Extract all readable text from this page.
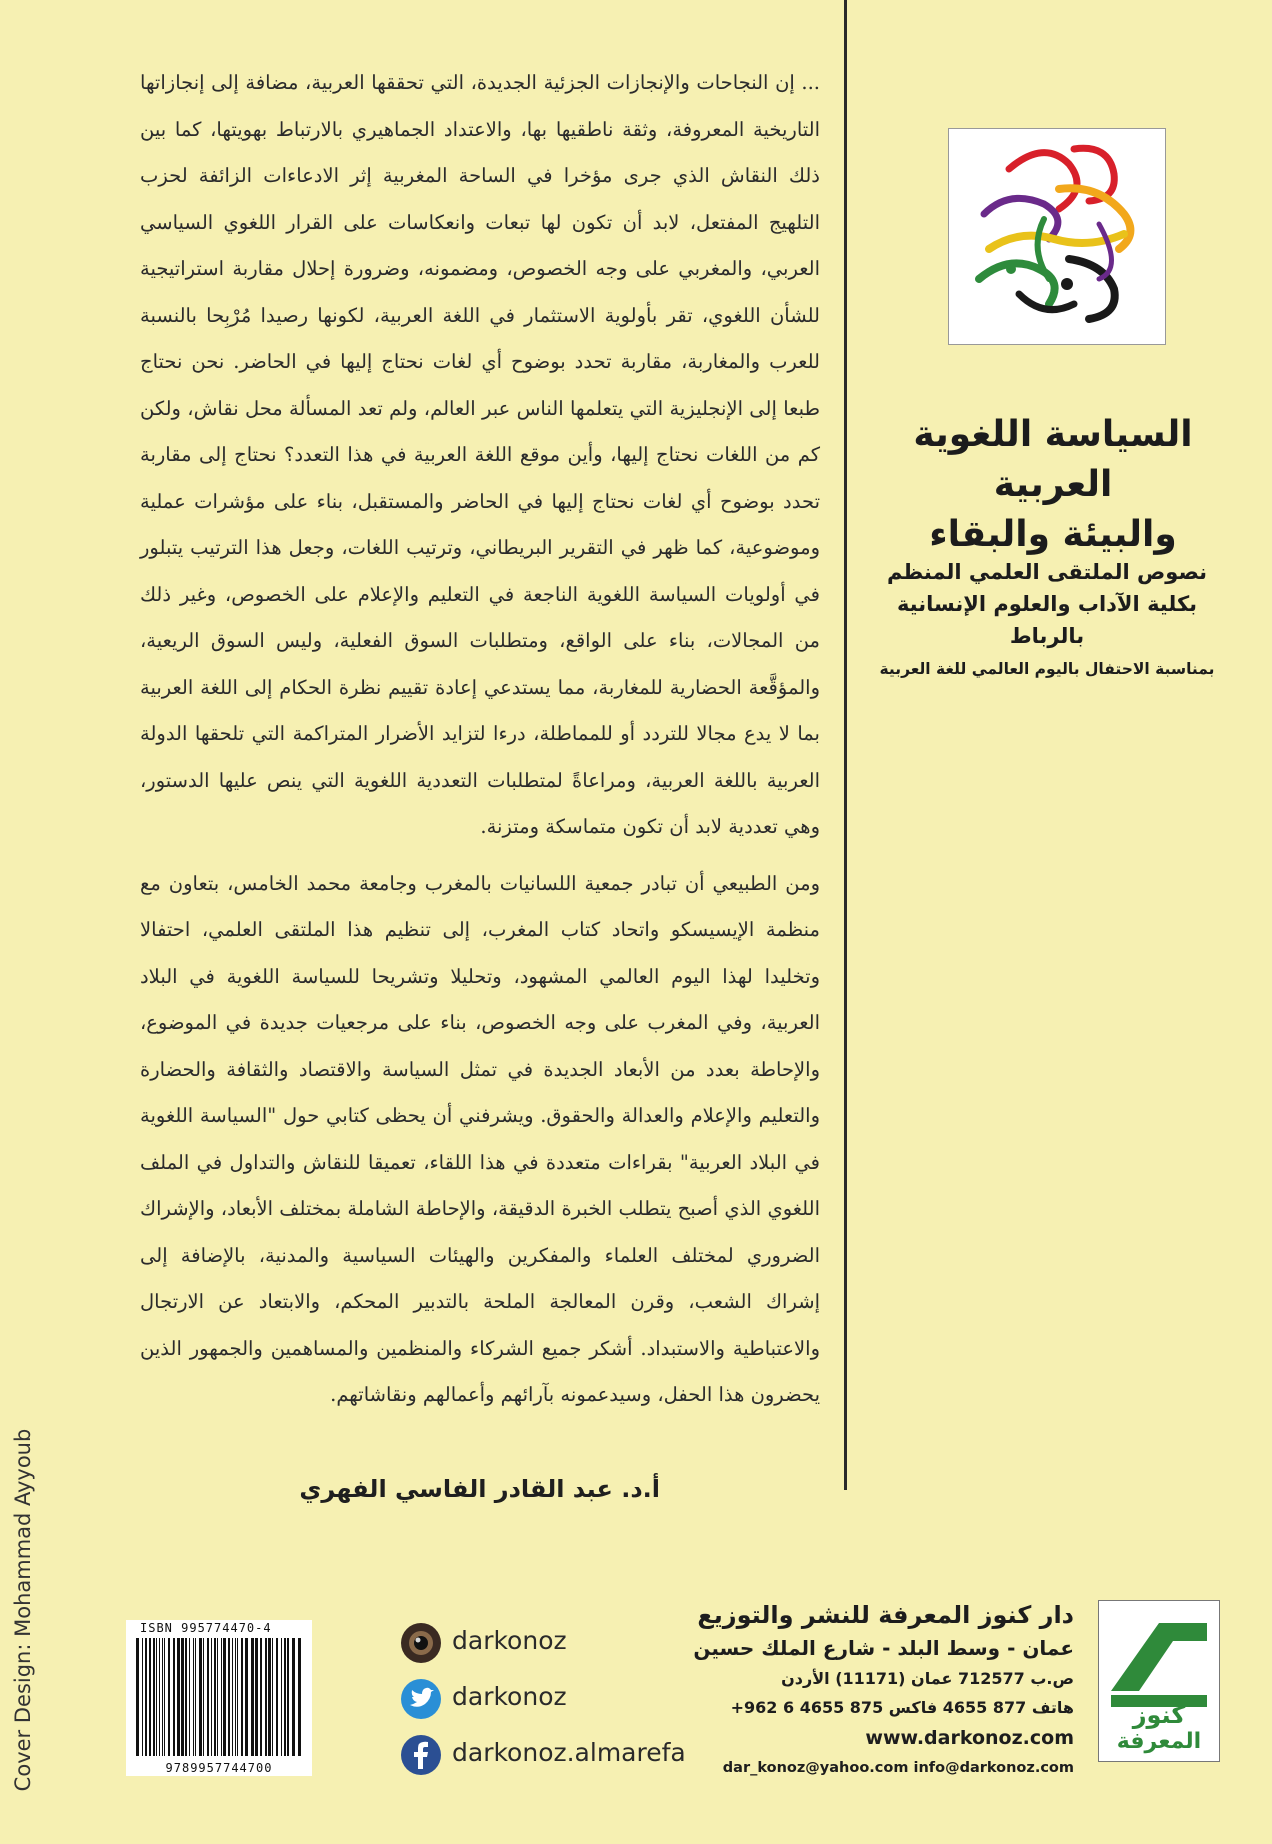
... إن النجاحات والإنجازات الجزئية الجديدة، التي تحققها العربية، مضافة إلى إنجازاتها التاريخية المعروفة، وثقة ناطقيها بها، والاعتداد الجماهيري بالارتباط بهويتها، كما بين ذلك النقاش الذي جرى مؤخرا في الساحة المغربية إثر الادعاءات الزائفة لحزب التلهيج المفتعل، لابد أن تكون لها تبعات وانعكاسات على القرار اللغوي السياسي العربي، والمغربي على وجه الخصوص، ومضمونه، وضرورة إحلال مقاربة استراتيجية للشأن اللغوي، تقر بأولوية الاستثمار في اللغة العربية، لكونها رصيدا مُرْبِحا بالنسبة للعرب والمغاربة، مقاربة تحدد بوضوح أي لغات نحتاج إليها في الحاضر. نحن نحتاج طبعا إلى الإنجليزية التي يتعلمها الناس عبر العالم، ولم تعد المسألة محل نقاش، ولكن كم من اللغات نحتاج إليها، وأين موقع اللغة العربية في هذا التعدد؟ نحتاج إلى مقاربة تحدد بوضوح أي لغات نحتاج إليها في الحاضر والمستقبل، بناء على مؤشرات عملية وموضوعية، كما ظهر في التقرير البريطاني، وترتيب اللغات، وجعل هذا الترتيب يتبلور في أولويات السياسة اللغوية الناجعة في التعليم والإعلام على الخصوص، وغير ذلك من المجالات، بناء على الواقع، ومتطلبات السوق الفعلية، وليس السوق الريعية، والمؤقَّعة الحضارية للمغاربة، مما يستدعي إعادة تقييم نظرة الحكام إلى اللغة العربية بما لا يدع مجالا للتردد أو للمماطلة، درءا لتزايد الأضرار المتراكمة التي تلحقها الدولة العربية باللغة العربية، ومراعاةً لمتطلبات التعددية اللغوية التي ينص عليها الدستور، وهي تعددية لابد أن تكون متماسكة ومتزنة.

ومن الطبيعي أن تبادر جمعية اللسانيات بالمغرب وجامعة محمد الخامس، بتعاون مع منظمة الإيسيسكو واتحاد كتاب المغرب، إلى تنظيم هذا الملتقى العلمي، احتفالا وتخليدا لهذا اليوم العالمي المشهود، وتحليلا وتشريحا للسياسة اللغوية في البلاد العربية، وفي المغرب على وجه الخصوص، بناء على مرجعيات جديدة في الموضوع، والإحاطة بعدد من الأبعاد الجديدة في تمثل السياسة والاقتصاد والثقافة والحضارة والتعليم والإعلام والعدالة والحقوق. ويشرفني أن يحظى كتابي حول "السياسة اللغوية في البلاد العربية" بقراءات متعددة في هذا اللقاء، تعميقا للنقاش والتداول في الملف اللغوي الذي أصبح يتطلب الخبرة الدقيقة، والإحاطة الشاملة بمختلف الأبعاد، والإشراك الضروري لمختلف العلماء والمفكرين والهيئات السياسية والمدنية، بالإضافة إلى إشراك الشعب، وقرن المعالجة الملحة بالتدبير المحكم، والابتعاد عن الارتجال والاعتباطية والاستبداد. أشكر جميع الشركاء والمنظمين والمساهمين والجمهور الذين يحضرون هذا الحفل، وسيدعمونه بآرائهم وأعمالهم ونقاشاتهم.

أ.د. عبد القادر الفاسي الفهري
السياسة اللغوية العربية
والبيئة والبقاء
نصوص الملتقى العلمي المنظم
بكلية الآداب والعلوم الإنسانية بالرباط
بمناسبة الاحتفال باليوم العالمي للغة العربية
Cover Design: Mohammad Ayyoub	ISBN 995774470-4
9789957744700
darkonoz
darkonoz
darkonoz.almarefa
دار كنوز المعرفة للنشر والتوزيع
عمان - وسط البلد - شارع الملك حسين
ص.ب 712577 عمان (11171) الأردن
هاتف 877 4655 فاكس 875 4655 6 962+
www.darkonoz.com
dar_konoz@yahoo.com info@darkonoz.com
كنوز
المعرفة
